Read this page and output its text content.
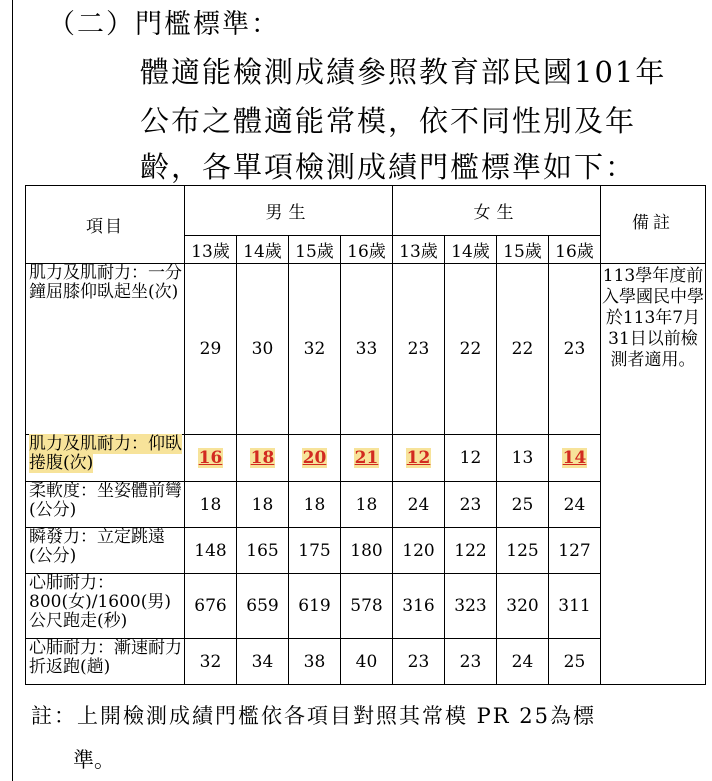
（二）門檻標準：
體適能檢測成績參照教育部民國101年
公布之體適能常模，依不同性別及年
齡，各單項檢測成績門檻標準如下：
項目	男生				女生				備註
	13歲	14歲	15歲	16歲	13歲	14歲	15歲	16歲	
肌力及肌耐力：一分鐘屈膝仰臥起坐(次)	29	30	32	33	23	22	22	23	113學年度前入學國民中學於113年7月31日以前檢測者適用。
肌力及肌耐力：仰臥捲腹(次)	16	18	20	21	12	12	13	14	
柔軟度：坐姿體前彎(公分)	18	18	18	18	24	23	25	24	
瞬發力：立定跳遠(公分)	148	165	175	180	120	122	125	127	
心肺耐力：800(女)/1600(男)公尺跑走(秒)	676	659	619	578	316	323	320	311	
心肺耐力：漸速耐力折返跑(趟)	32	34	38	40	23	23	24	25	
註：上開檢測成績門檻依各項目對照其常模 PR 25為標
準。
